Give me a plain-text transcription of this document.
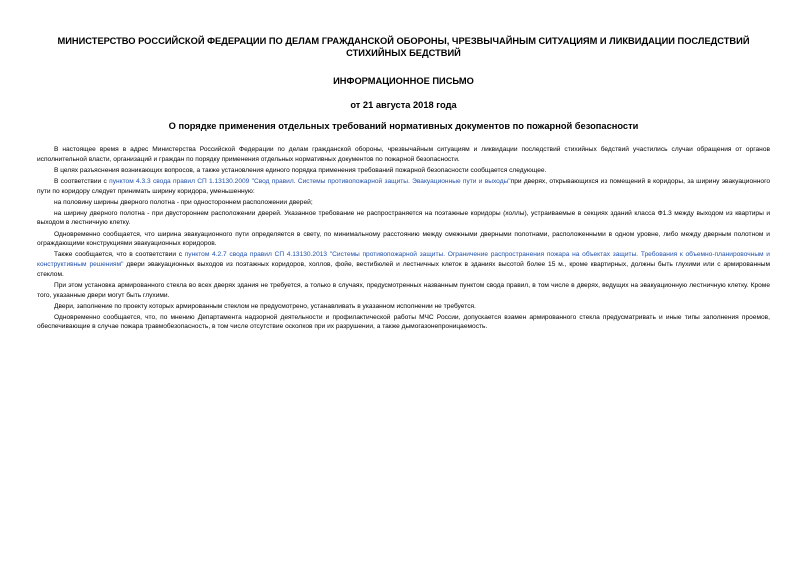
МИНИСТЕРСТВО РОССИЙСКОЙ ФЕДЕРАЦИИ ПО ДЕЛАМ ГРАЖДАНСКОЙ ОБОРОНЫ, ЧРЕЗВЫЧАЙНЫМ СИТУАЦИЯМ И ЛИКВИДАЦИИ ПОСЛЕДСТВИЙ СТИХИЙНЫХ БЕДСТВИЙ
ИНФОРМАЦИОННОЕ ПИСЬМО
от 21 августа 2018 года
О порядке применения отдельных требований нормативных документов по пожарной безопасности

В настоящее время в адрес Министерства Российской Федерации по делам гражданской обороны, чрезвычайным ситуациям и ликвидации последствий стихийных бедствий участились случаи обращения от органов исполнительной власти, организаций и граждан по порядку применения отдельных нормативных документов по пожарной безопасности.

В целях разъяснения возникающих вопросов, а также установления единого порядка применения требований пожарной безопасности сообщается следующее.

В соответствии с пунктом 4.3.3 свода правил СП 1.13130.2009 "Свод правил. Системы противопожарной защиты. Эвакуационные пути и выходы"при дверях, открывающихся из помещений в коридоры, за ширину эвакуационного пути по коридору следует принимать ширину коридора, уменьшенную:

на половину ширины дверного полотна - при одностороннем расположении дверей;

на ширину дверного полотна - при двустороннем расположении дверей. Указанное требование не распространяется на поэтажные коридоры (холлы), устраиваемые в секциях зданий класса Ф1.3 между выходом из квартиры и выходом в лестничную клетку.

Одновременно сообщается, что ширина эвакуационного пути определяется в свету, по минимальному расстоянию между смежными дверными полотнами, расположенными в одном уровне, либо между дверным полотном и ограждающими конструкциями эвакуационных коридоров.

Также сообщается, что в соответствии с пунктом 4.2.7 свода правил СП 4.13130.2013 "Системы противопожарной защиты. Ограничение распространения пожара на объектах защиты. Требования к объемно-планировочным и конструктивным решениям" двери эвакуационных выходов из поэтажных коридоров, холлов, фойе, вестибюлей и лестничных клеток в зданиях высотой более 15 м., кроме квартирных, должны быть глухими или с армированным стеклом.

При этом установка армированного стекла во всех дверях здания не требуется, а только в случаях, предусмотренных названным пунктом свода правил, в том числе в дверях, ведущих на эвакуационную лестничную клетку. Кроме того, указанные двери могут быть глухими.

Двери, заполнение по проекту которых армированным стеклом не предусмотрено, устанавливать в указанном исполнении не требуется.

Одновременно сообщается, что, по мнению Департамента надзорной деятельности и профилактической работы МЧС России, допускается взамен армированного стекла предусматривать и иные типы заполнения проемов, обеспечивающие в случае пожара травмобезопасность, в том числе отсутствие осколков при их разрушении, а также дымогазонепроницаемость.
